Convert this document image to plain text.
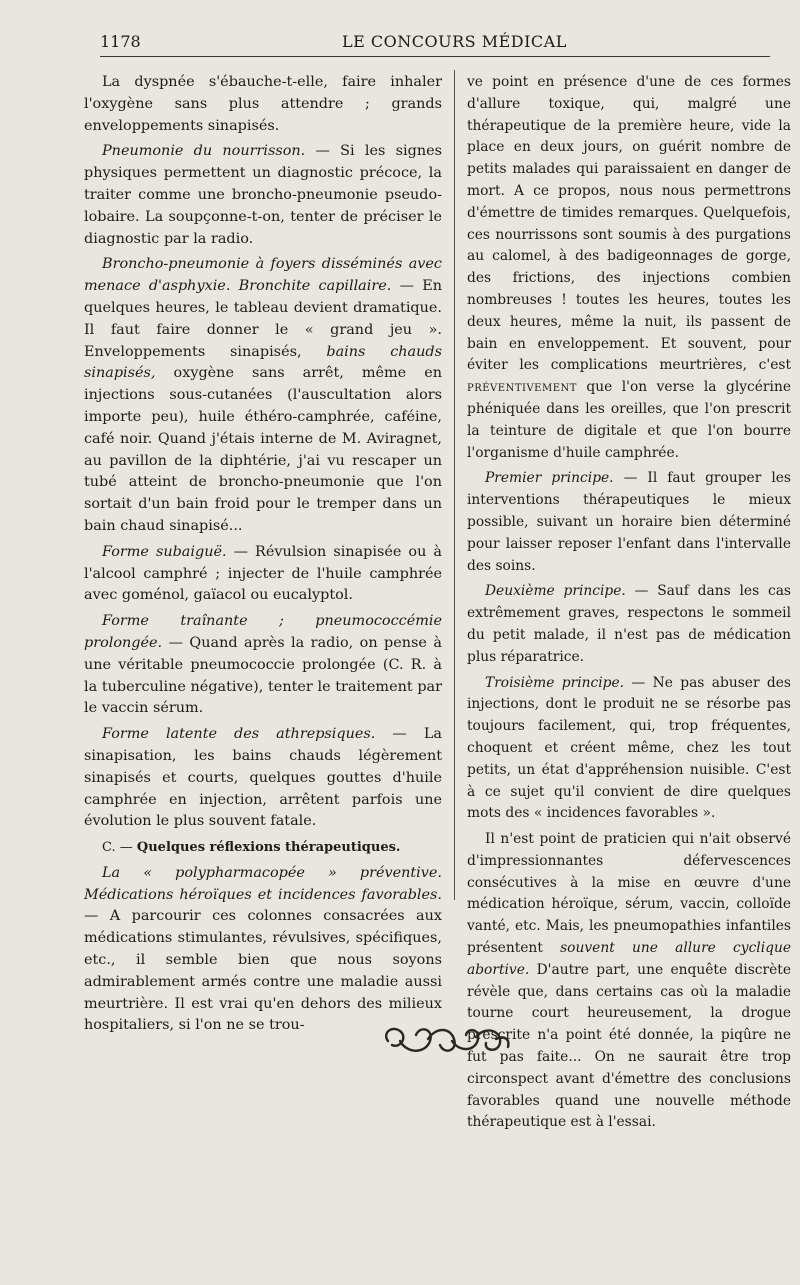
1178	LE CONCOURS MÉDICAL

La dyspnée s'ébauche-t-elle, faire inhaler l'oxygène sans plus attendre ; grands enveloppements sinapisés.

Pneumonie du nourrisson. — Si les signes physiques permettent un diagnostic précoce, la traiter comme une broncho-pneumonie pseudo-lobaire. La soupçonne-t-on, tenter de préciser le diagnostic par la radio.

Broncho-pneumonie à foyers disséminés avec menace d'asphyxie. Bronchite capillaire. — En quelques heures, le tableau devient dramatique. Il faut faire donner le « grand jeu ». Enveloppements sinapisés, bains chauds sinapisés, oxygène sans arrêt, même en injections sous-cutanées (l'auscultation alors importe peu), huile éthéro-camphrée, caféine, café noir. Quand j'étais interne de M. Aviragnet, au pavillon de la diphtérie, j'ai vu rescaper un tubé atteint de broncho-pneumonie que l'on sortait d'un bain froid pour le tremper dans un bain chaud sinapisé...

Forme subaiguë. — Révulsion sinapisée ou à l'alcool camphré ; injecter de l'huile camphrée avec goménol, gaïacol ou eucalyptol.

Forme traînante ; pneumococcémie prolongée. — Quand après la radio, on pense à une véritable pneumococcie prolongée (C. R. à la tuberculine négative), tenter le traitement par le vaccin sérum.

Forme latente des athrepsiques. — La sinapisation, les bains chauds légèrement sinapisés et courts, quelques gouttes d'huile camphrée en injection, arrêtent parfois une évolution le plus souvent fatale.

C. — Quelques réflexions thérapeutiques.

La « polypharmacopée » préventive. Médications héroïques et incidences favorables. — A parcourir ces colonnes consacrées aux médications stimulantes, révulsives, spécifiques, etc., il semble bien que nous soyons admirablement armés contre une maladie aussi meurtrière. Il est vrai qu'en dehors des milieux hospitaliers, si l'on ne se trou-

ve point en présence d'une de ces formes d'allure toxique, qui, malgré une thérapeutique de la première heure, vide la place en deux jours, on guérit nombre de petits malades qui paraissaient en danger de mort. A ce propos, nous nous permettrons d'émettre de timides remarques. Quelquefois, ces nourrissons sont soumis à des purgations au calomel, à des badigeonnages de gorge, des frictions, des injections combien nombreuses ! toutes les heures, toutes les deux heures, même la nuit, ils passent de bain en enveloppement. Et souvent, pour éviter les complications meurtrières, c'est préventivement que l'on verse la glycérine phéniquée dans les oreilles, que l'on prescrit la teinture de digitale et que l'on bourre l'organisme d'huile camphrée.

Premier principe. — Il faut grouper les interventions thérapeutiques le mieux possible, suivant un horaire bien déterminé pour laisser reposer l'enfant dans l'intervalle des soins.

Deuxième principe. — Sauf dans les cas extrêmement graves, respectons le sommeil du petit malade, il n'est pas de médication plus réparatrice.

Troisième principe. — Ne pas abuser des injections, dont le produit ne se résorbe pas toujours facilement, qui, trop fréquentes, choquent et créent même, chez les tout petits, un état d'appréhension nuisible. C'est à ce sujet qu'il convient de dire quelques mots des « incidences favorables ».

Il n'est point de praticien qui n'ait observé d'impressionnantes défervescences consécutives à la mise en œuvre d'une médication héroïque, sérum, vaccin, colloïde vanté, etc. Mais, les pneumopathies infantiles présentent souvent une allure cyclique abortive. D'autre part, une enquête discrète révèle que, dans certains cas où la maladie tourne court heureusement, la drogue prescrite n'a point été donnée, la piqûre ne fut pas faite... On ne saurait être trop circonspect avant d'émettre des conclusions favorables quand une nouvelle méthode thérapeutique est à l'essai.
